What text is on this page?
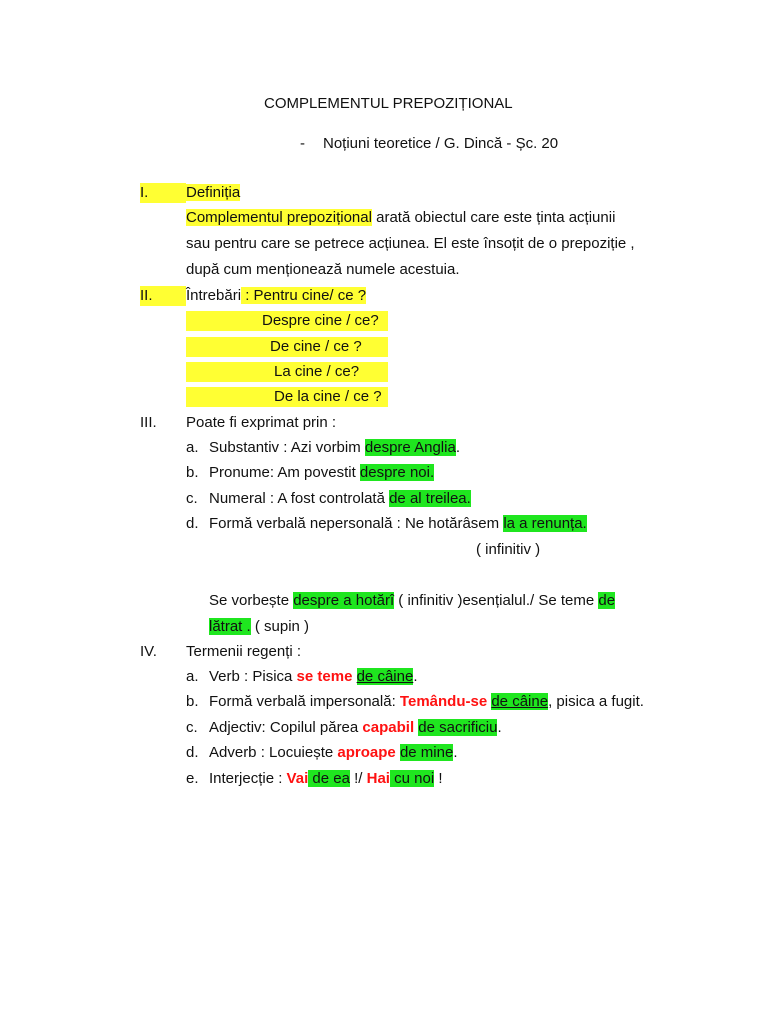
COMPLEMENTUL PREPOZIȚIONAL
- Noțiuni teoretice / G. Dincă - Șc. 20
I.	Definiția
Complementul prepozițional arată obiectul care este ținta acțiunii
sau pentru care se petrece acțiunea. El este însoțit de o prepoziție ,
după cum menționează numele acestuia.
II.	Întrebări : Pentru cine/ ce ?
Despre cine / ce?
De cine / ce ?
La cine / ce?
De la cine / ce ?
III. Poate fi exprimat prin :
a. Substantiv : Azi vorbim despre Anglia.
b. Pronume: Am povestit despre noi.
c. Numeral : A fost controlată de al treilea.
d. Formă verbală nepersonală : Ne hotărâsem la a renunța.
( infinitiv )
Se vorbește despre a hotărî ( infinitiv )esențialul./ Se teme de
lătrat . ( supin )
IV. Termenii regenți :
a. Verb : Pisica se teme de câine.
b. Formă verbală impersonală: Temându-se de câine, pisica a fugit.
c. Adjectiv: Copilul părea capabil de sacrificiu.
d. Adverb : Locuiește aproape de mine.
e. Interjecție : Vai de ea !/ Hai cu noi !
